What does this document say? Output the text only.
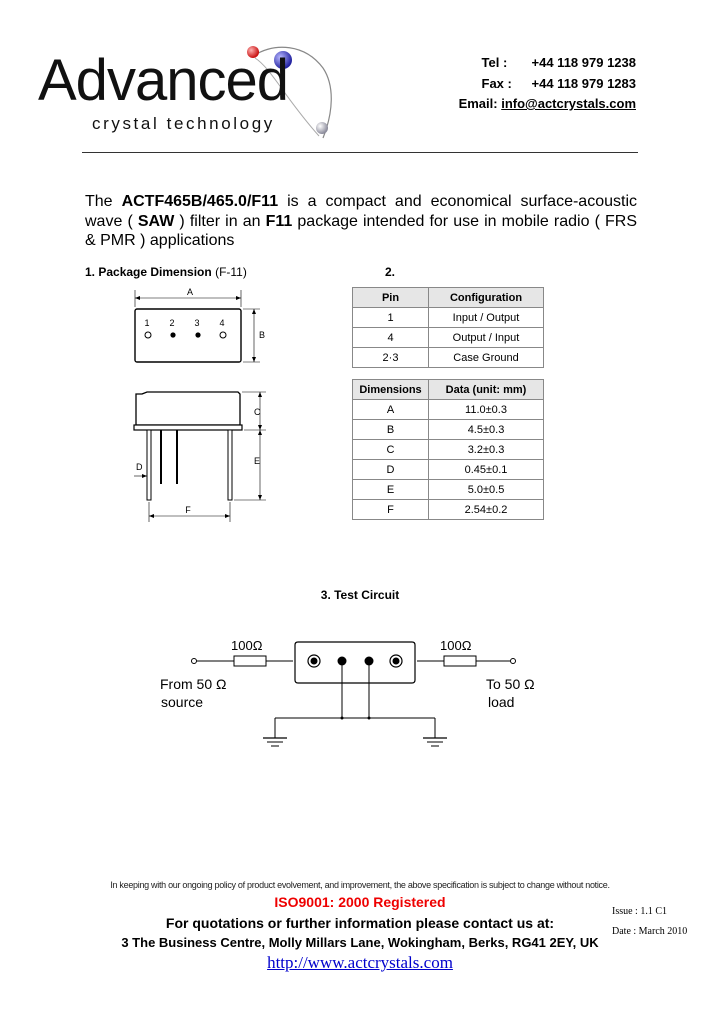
Advanced
crystal technology
Tel : +44 118 979 1238
Fax : +44 118 979 1283
Email: info@actcrystals.com
The ACTF465B/465.0/F11 is a compact and economical surface-acoustic wave ( SAW ) filter in an F11 package intended for use in mobile radio ( FRS & PMR ) applications
1. Package Dimension (F-11)
A
1 2 3 4
B
C
E
D
F
2.
Pin	Configuration
1	Input / Output
4	Output / Input
2·3	Case Ground
Dimensions	Data (unit: mm)
A	11.0±0.3
B	4.5±0.3
C	3.2±0.3
D	0.45±0.1
E	5.0±0.5
F	2.54±0.2
3. Test Circuit
100Ω	100Ω
From 50 Ω
source
To 50 Ω
load
In keeping with our ongoing policy of product evolvement, and improvement, the above specification is subject to change without notice.
ISO9001: 2000 Registered
For quotations or further information please contact us at:
3 The Business Centre, Molly Millars Lane, Wokingham, Berks, RG41 2EY, UK
http://www.actcrystals.com
Issue : 1.1 C1
Date : March 2010
